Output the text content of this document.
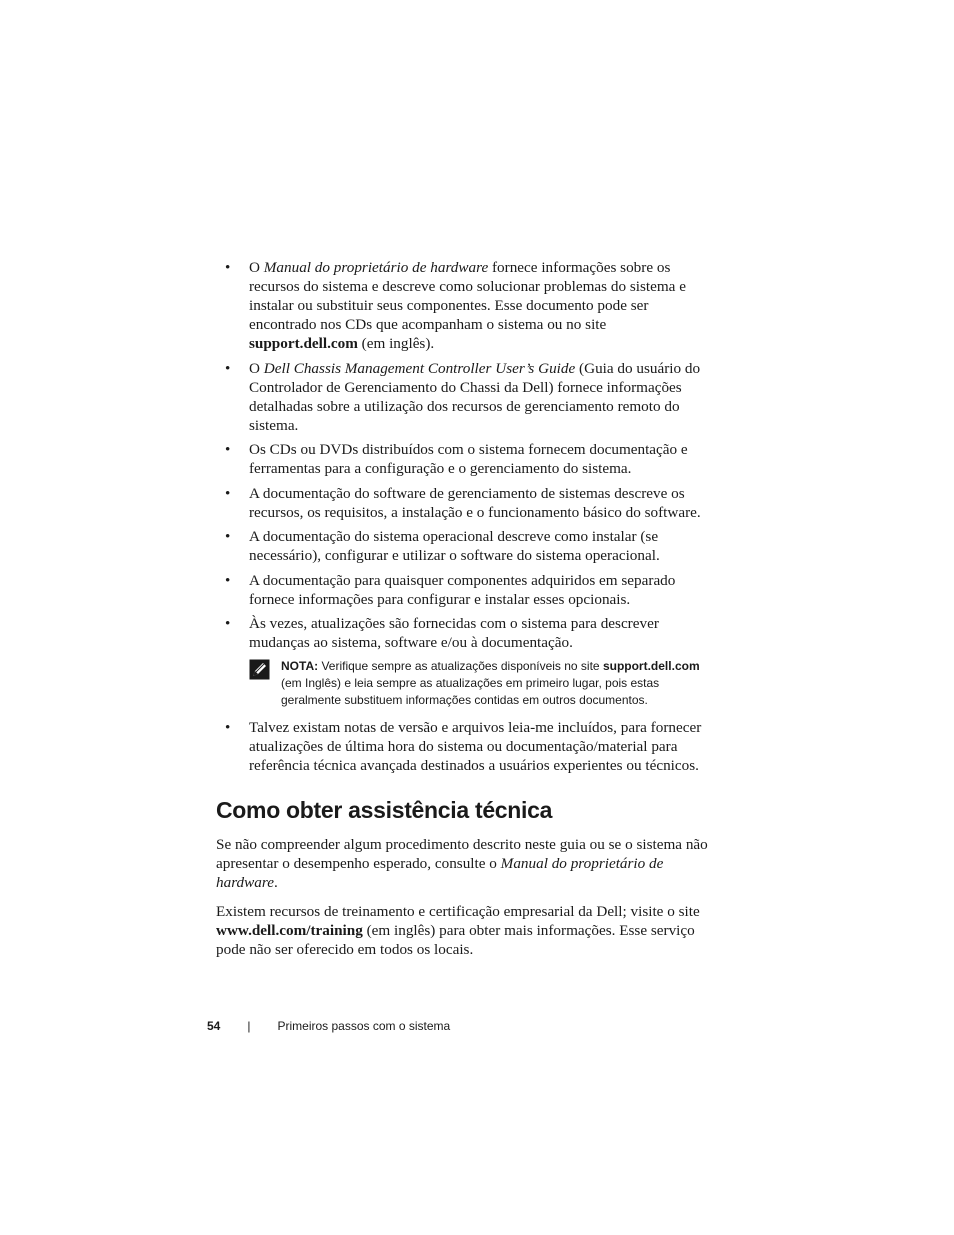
• O Manual do proprietário de hardware fornece informações sobre os recursos do sistema e descreve como solucionar problemas do sistema e instalar ou substituir seus componentes. Esse documento pode ser encontrado nos CDs que acompanham o sistema ou no site support.dell.com (em inglês).
• O Dell Chassis Management Controller User’s Guide (Guia do usuário do Controlador de Gerenciamento do Chassi da Dell) fornece informações detalhadas sobre a utilização dos recursos de gerenciamento remoto do sistema.
• Os CDs ou DVDs distribuídos com o sistema fornecem documentação e ferramentas para a configuração e o gerenciamento do sistema.
• A documentação do software de gerenciamento de sistemas descreve os recursos, os requisitos, a instalação e o funcionamento básico do software.
• A documentação do sistema operacional descreve como instalar (se necessário), configurar e utilizar o software do sistema operacional.
• A documentação para quaisquer componentes adquiridos em separado fornece informações para configurar e instalar esses opcionais.
• Às vezes, atualizações são fornecidas com o sistema para descrever mudanças ao sistema, software e/ou à documentação.
NOTA: Verifique sempre as atualizações disponíveis no site support.dell.com (em Inglês) e leia sempre as atualizações em primeiro lugar, pois estas geralmente substituem informações contidas em outros documentos.
• Talvez existam notas de versão e arquivos leia-me incluídos, para fornecer atualizações de última hora do sistema ou documentação/material para referência técnica avançada destinados a usuários experientes ou técnicos.
Como obter assistência técnica

Se não compreender algum procedimento descrito neste guia ou se o sistema não apresentar o desempenho esperado, consulte o Manual do proprietário de hardware.

Existem recursos de treinamento e certificação empresarial da Dell; visite o site www.dell.com/training (em inglês) para obter mais informações. Esse serviço pode não ser oferecido em todos os locais.

54 | Primeiros passos com o sistema
